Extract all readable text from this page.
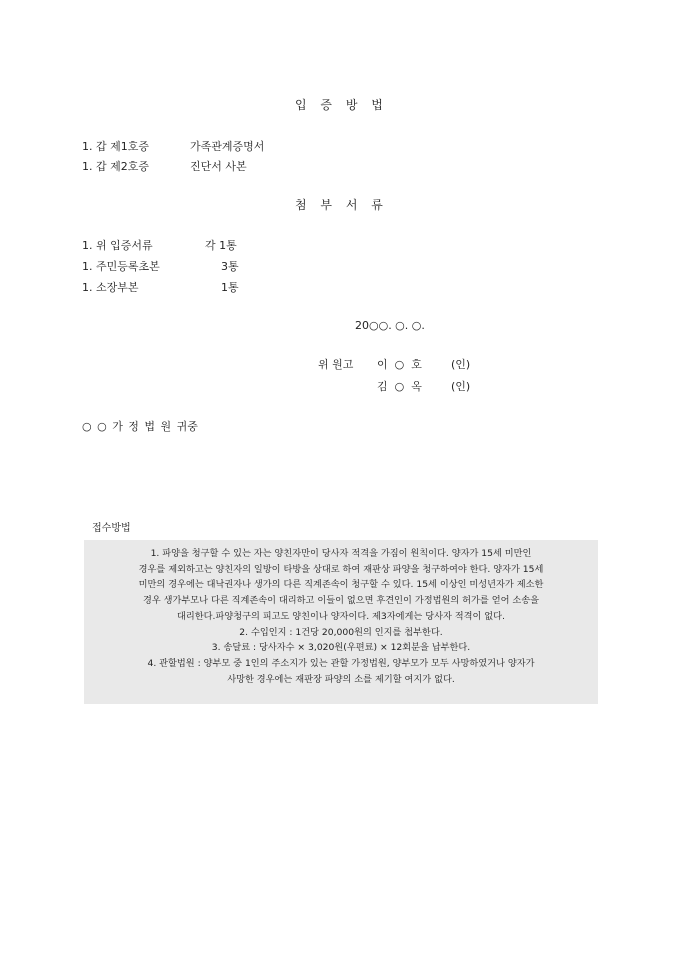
입 증 방 법
1. 갑 제1호증	가족관계증명서
1. 갑 제2호증	진단서 사본
첨 부 서 류
1. 위 입증서류	각 1통
1. 주민등록초본	3통
1. 소장부본	1통
20○○. ○. ○.
위 원고 이  ○  호	(인)
김  ○  옥	(인)
○ ○ 가 정 법 원 귀중
접수방법
1. 파양을 청구할 수 있는 자는 양친자만이 당사자 적격을 가짐이 원칙이다. 양자가 15세 미만인
경우를 제외하고는 양친자의 일방이 타방을 상대로 하여 재판상 파양을 청구하여야 한다. 양자가 15세
미만의 경우에는 대낙권자나 생가의 다른 직계존속이 청구할 수 있다. 15세 이상인 미성년자가 제소한
경우 생가부모나 다른 직계존속이 대리하고 이들이 없으면 후견인이 가정법원의 허가를 얻어 소송을
대리한다.파양청구의 피고도 양친이나 양자이다. 제3자에게는 당사자 적격이 없다.
2. 수입인지 : 1건당 20,000원의 인지를 첩부한다.
3. 송달료 : 당사자수 × 3,020원(우편료) × 12회분을 납부한다.
4. 관할법원 : 양부모 중 1인의 주소지가 있는 관할 가정법원, 양부모가 모두 사망하였거나 양자가
사망한 경우에는 재판장 파양의 소를 제기할 여지가 없다.
